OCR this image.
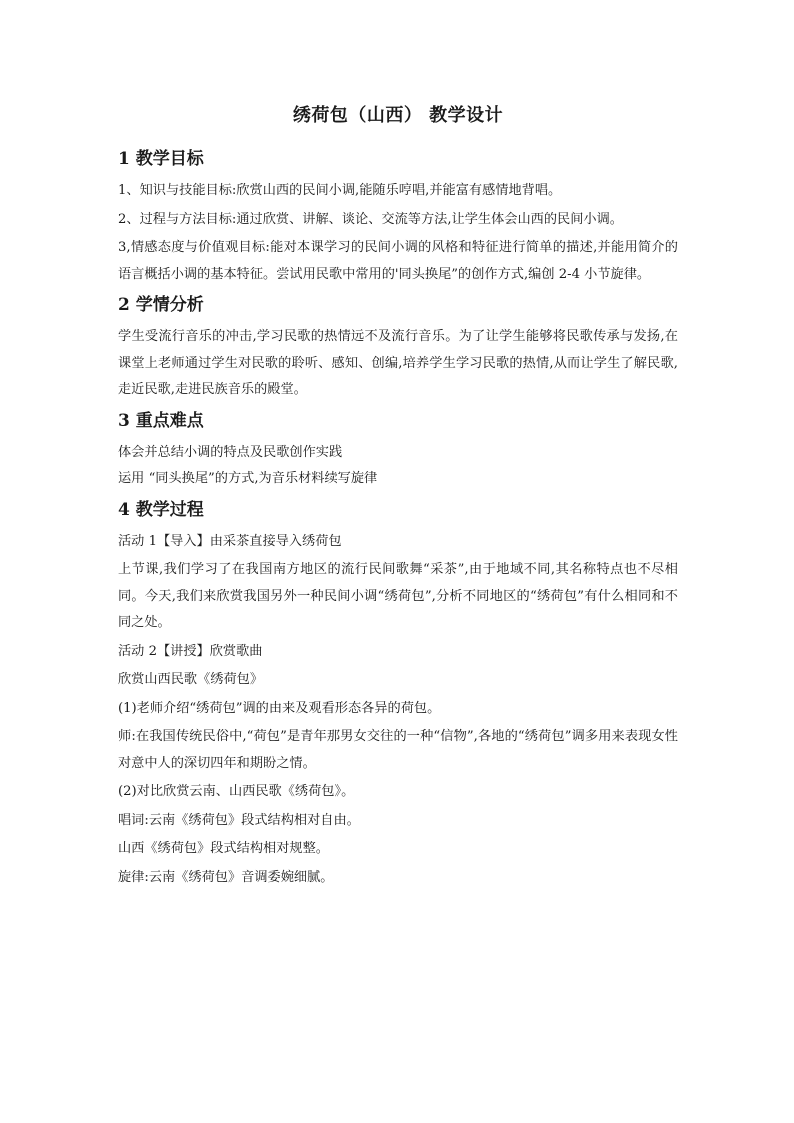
绣荷包（山西） 教学设计
1 教学目标

1、知识与技能目标:欣赏山西的民间小调,能随乐哼唱,并能富有感情地背唱。

2、过程与方法目标:通过欣赏、讲解、谈论、交流等方法,让学生体会山西的民间小调。

3,情感态度与价值观目标:能对本课学习的民间小调的风格和特征进行简单的描述,并能用简介的语言概括小调的基本特征。尝试用民歌中常用的'同头换尾”的创作方式,编创 2-4 小节旋律。

2 学情分析

学生受流行音乐的冲击,学习民歌的热情远不及流行音乐。为了让学生能够将民歌传承与发扬,在课堂上老师通过学生对民歌的聆听、感知、创编,培养学生学习民歌的热情,从而让学生了解民歌,走近民歌,走进民族音乐的殿堂。

3 重点难点

体会并总结小调的特点及民歌创作实践

运用 “同头换尾”的方式,为音乐材料续写旋律

4 教学过程

活动 1【导入】由采茶直接导入绣荷包

上节课,我们学习了在我国南方地区的流行民间歌舞“采茶”,由于地域不同,其名称特点也不尽相同。今天,我们来欣赏我国另外一种民间小调“绣荷包”,分析不同地区的“绣荷包”有什么相同和不同之处。

活动 2【讲授】欣赏歌曲

欣赏山西民歌《绣荷包》

(1)老师介绍“绣荷包”调的由来及观看形态各异的荷包。

师:在我国传统民俗中,“荷包”是青年那男女交往的一种“信物”,各地的“绣荷包”调多用来表现女性对意中人的深切四年和期盼之情。

(2)对比欣赏云南、山西民歌《绣荷包》。

唱词:云南《绣荷包》段式结构相对自由。

山西《绣荷包》段式结构相对规整。

旋律:云南《绣荷包》音调委婉细腻。
